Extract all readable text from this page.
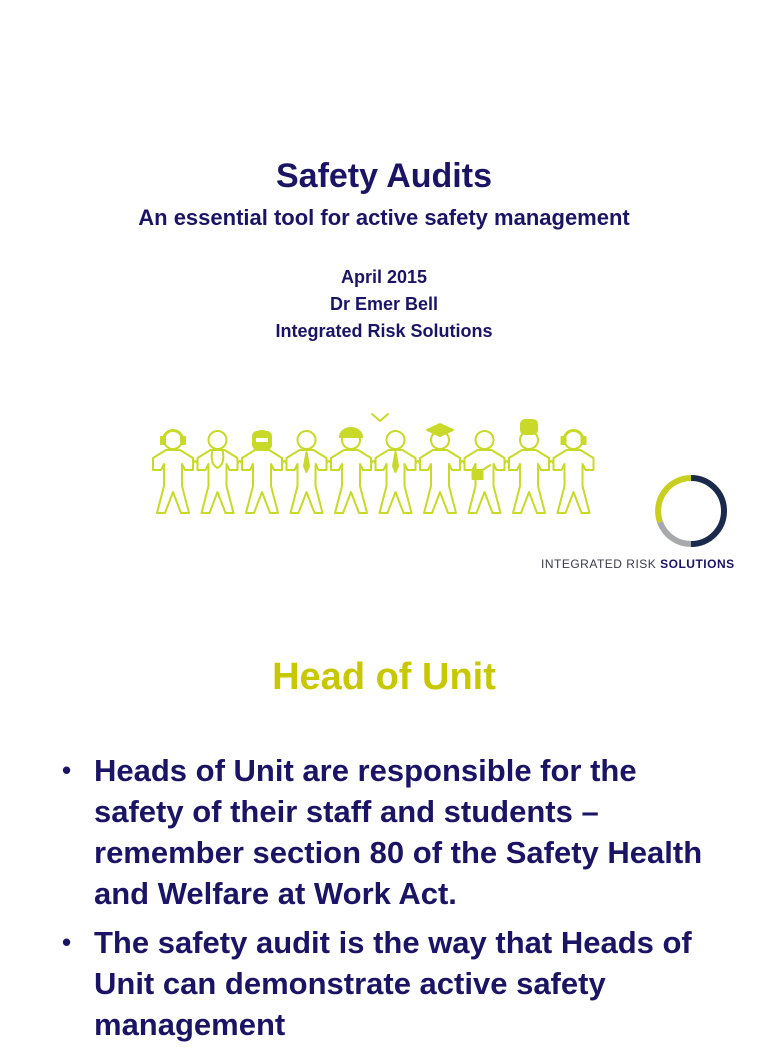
Safety Audits
An essential tool for active safety management
April 2015
Dr Emer Bell
Integrated Risk Solutions
INTEGRATED RISK SOLUTIONS
Head of Unit
• Heads of Unit are responsible for the safety of their staff and students – remember section 80 of the Safety Health and Welfare at Work Act.
• The safety audit is the way that Heads of Unit can demonstrate active safety management
